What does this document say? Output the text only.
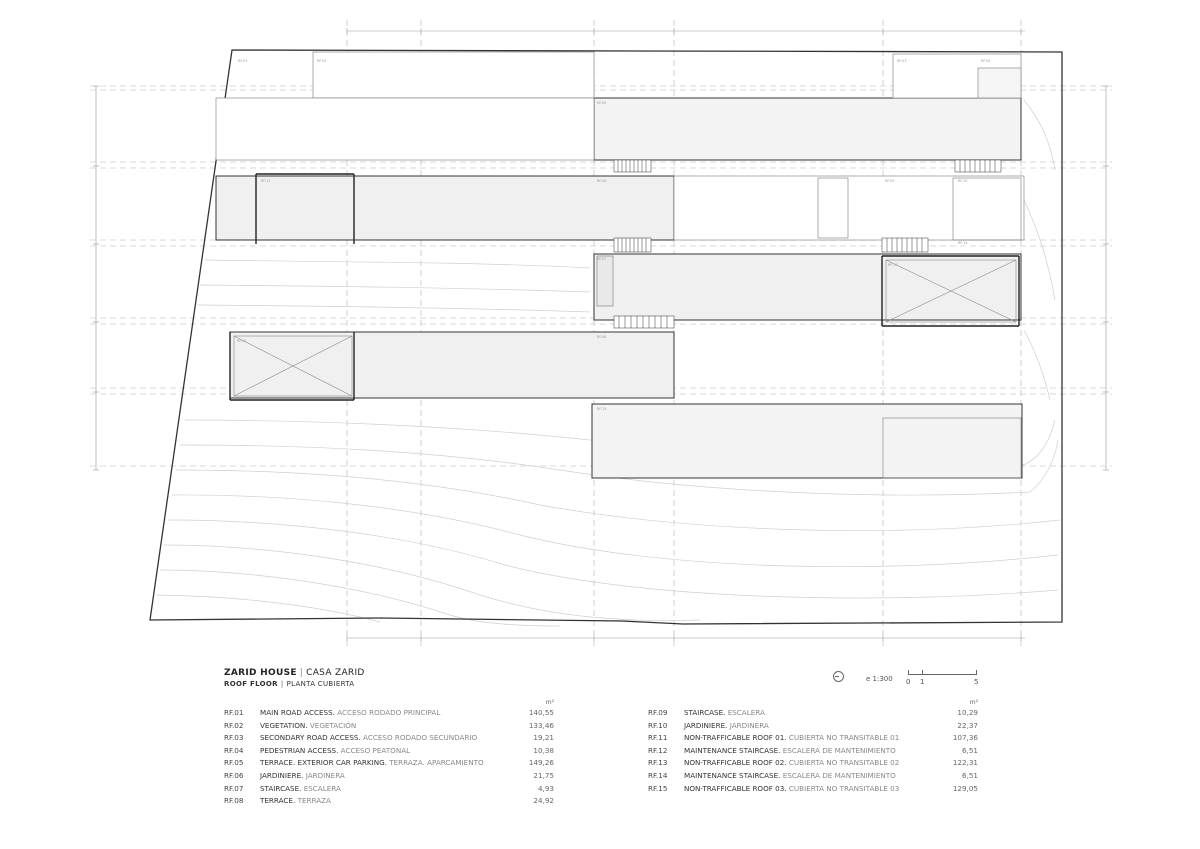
RF.01	RF.02	RF.03	RF.04
RF.05
RF.06
RF.07
RF.08
RF.09	RF.10
RF.11
RF.12
RF.13
RF.14
RF.15
ZARID HOUSE | CASA ZARID
ROOF FLOOR | PLANTA CUBIERTA
e 1:300 0 1	5
m²
RF.01	MAIN ROAD ACCESS. ACCESO RODADO PRINCIPAL	140,55
RF.02	VEGETATION. VEGETACIÓN	133,46
RF.03	SECONDARY ROAD ACCESS. ACCESO RODADO SECUNDARIO	19,21
RF.04	PEDESTRIAN ACCESS. ACCESO PEATONAL	10,38
RF.05	TERRACE. EXTERIOR CAR PARKING. TERRAZA. APARCAMIENTO	149,26
RF.06	JARDINIERE. JARDINERA	21,75
RF.07	STAIRCASE. ESCALERA	4,93
RF.08	TERRACE. TERRAZA	24,92
m²
RF.09	STAIRCASE. ESCALERA	10,29
RF.10	JARDINIERE. JARDINERA	22,37
RF.11	NON-TRAFFICABLE ROOF 01. CUBIERTA NO TRANSITABLE 01	107,36
RF.12	MAINTENANCE STAIRCASE. ESCALERA DE MANTENIMIENTO	6,51
RF.13	NON-TRAFFICABLE ROOF 02. CUBIERTA NO TRANSITABLE 02	122,31
RF.14	MAINTENANCE STAIRCASE. ESCALERA DE MANTENIMIENTO	6,51
RF.15	NON-TRAFFICABLE ROOF 03. CUBIERTA NO TRANSITABLE 03	129,05
